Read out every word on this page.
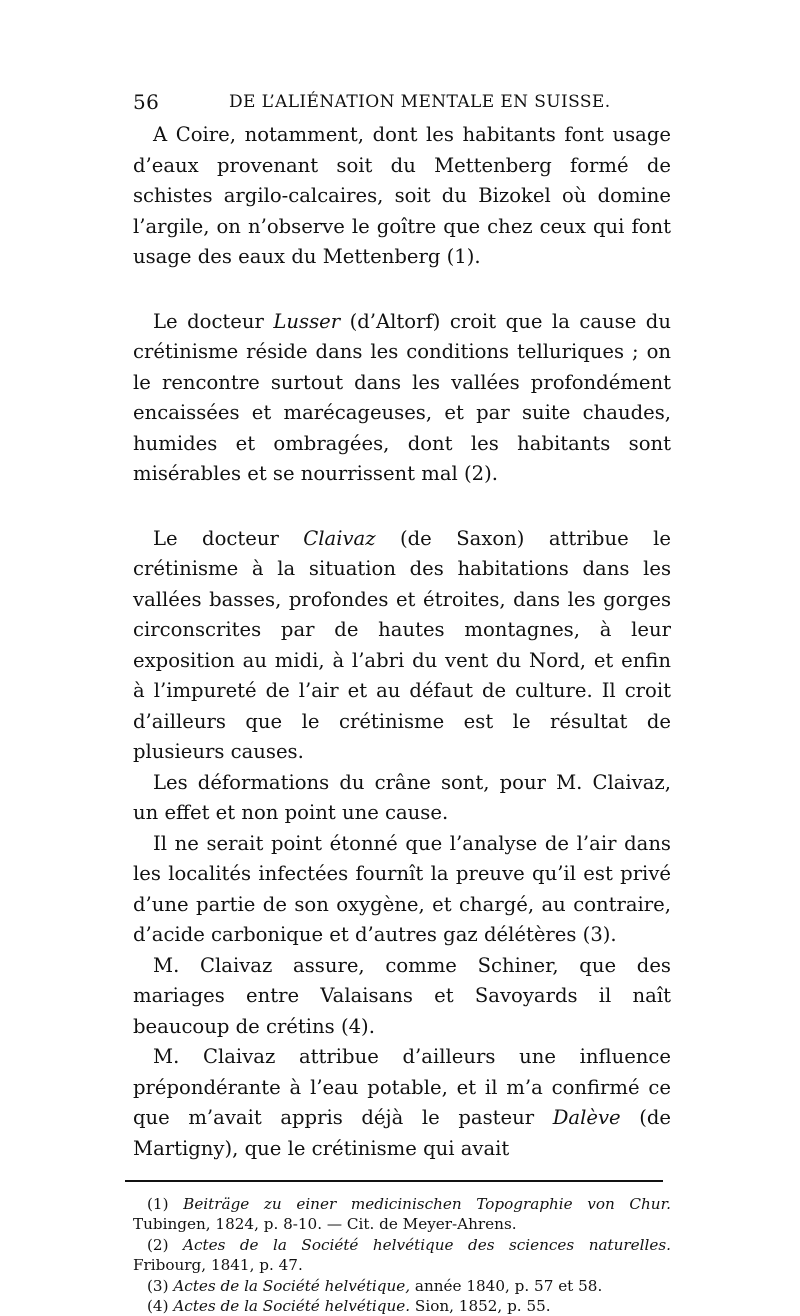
56	DE L’ALIÉNATION MENTALE EN SUISSE.

A Coire, notamment, dont les habitants font usage d’eaux provenant soit du Mettenberg formé de schistes argilo-calcaires, soit du Bizokel où domine l’argile, on n’observe le goître que chez ceux qui font usage des eaux du Mettenberg (1).

Le docteur Lusser (d’Altorf) croit que la cause du crétinisme réside dans les conditions telluriques ; on le rencontre surtout dans les vallées profondément encaissées et marécageuses, et par suite chaudes, humides et ombragées, dont les habitants sont misérables et se nourrissent mal (2).

Le docteur Claivaz (de Saxon) attribue le crétinisme à la situation des habitations dans les vallées basses, profondes et étroites, dans les gorges circonscrites par de hautes montagnes, à leur exposition au midi, à l’abri du vent du Nord, et enfin à l’impureté de l’air et au défaut de culture. Il croit d’ailleurs que le crétinisme est le résultat de plusieurs causes.

Les déformations du crâne sont, pour M. Claivaz, un effet et non point une cause.

Il ne serait point étonné que l’analyse de l’air dans les localités infectées fournît la preuve qu’il est privé d’une partie de son oxygène, et chargé, au contraire, d’acide carbonique et d’autres gaz délétères (3).

M. Claivaz assure, comme Schiner, que des mariages entre Valaisans et Savoyards il naît beaucoup de crétins (4).

M. Claivaz attribue d’ailleurs une influence prépondérante à l’eau potable, et il m’a confirmé ce que m’avait appris déjà le pasteur Dalève (de Martigny), que le crétinisme qui avait

(1) Beiträge zu einer medicinischen Topographie von Chur. Tubingen, 1824, p. 8-10. — Cit. de Meyer-Ahrens.

(2) Actes de la Société helvétique des sciences naturelles. Fribourg, 1841, p. 47.

(3) Actes de la Société helvétique, année 1840, p. 57 et 58.

(4) Actes de la Société helvétique. Sion, 1852, p. 55.
